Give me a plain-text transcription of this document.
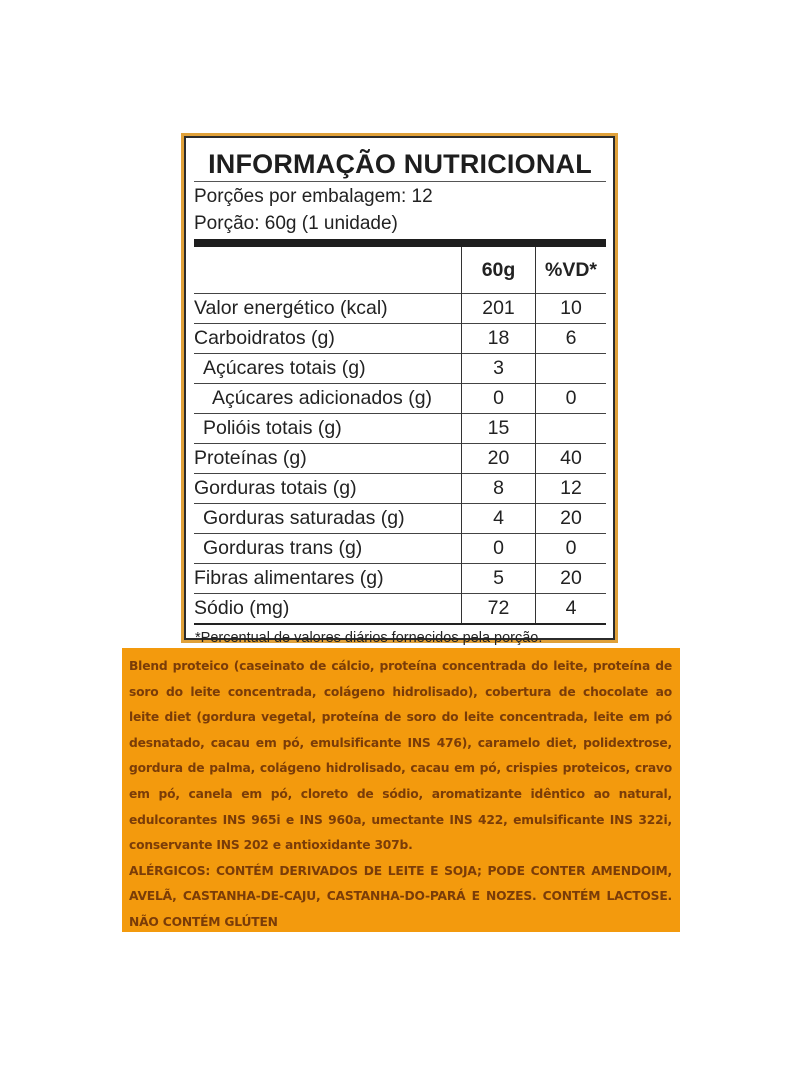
INFORMAÇÃO NUTRICIONAL
Porções por embalagem: 12
Porção: 60g (1 unidade)
	60g	%VD*
Valor energético (kcal)	201	10
Carboidratos (g)	18	6
Açúcares totais (g)	3	
Açúcares adicionados (g)	0	0
Polióis totais (g)	15	
Proteínas (g)	20	40
Gorduras totais (g)	8	12
Gorduras saturadas (g)	4	20
Gorduras trans (g)	0	0
Fibras alimentares (g)	5	20
Sódio (mg)	72	4
*Percentual de valores diários fornecidos pela porção.

Blend proteico (caseinato de cálcio, proteína concentrada do leite, proteína de soro do leite concentrada, colágeno hidrolisado), cobertura de chocolate ao leite diet (gordura vegetal, proteína de soro do leite concentrada, leite em pó desnatado, cacau em pó, emulsificante INS 476), caramelo diet, polidextrose, gordura de palma, colágeno hidrolisado, cacau em pó, crispies proteicos, cravo em pó, canela em pó, cloreto de sódio, aromatizante idêntico ao natural, edulcorantes INS 965i e INS 960a, umectante INS 422, emulsificante INS 322i, conservante INS 202 e antioxidante 307b.

ALÉRGICOS: CONTÉM DERIVADOS DE LEITE E SOJA; PODE CONTER AMENDOIM, AVELÃ, CASTANHA-DE-CAJU, CASTANHA-DO-PARÁ E NOZES. CONTÉM LACTOSE. NÃO CONTÉM GLÚTEN
